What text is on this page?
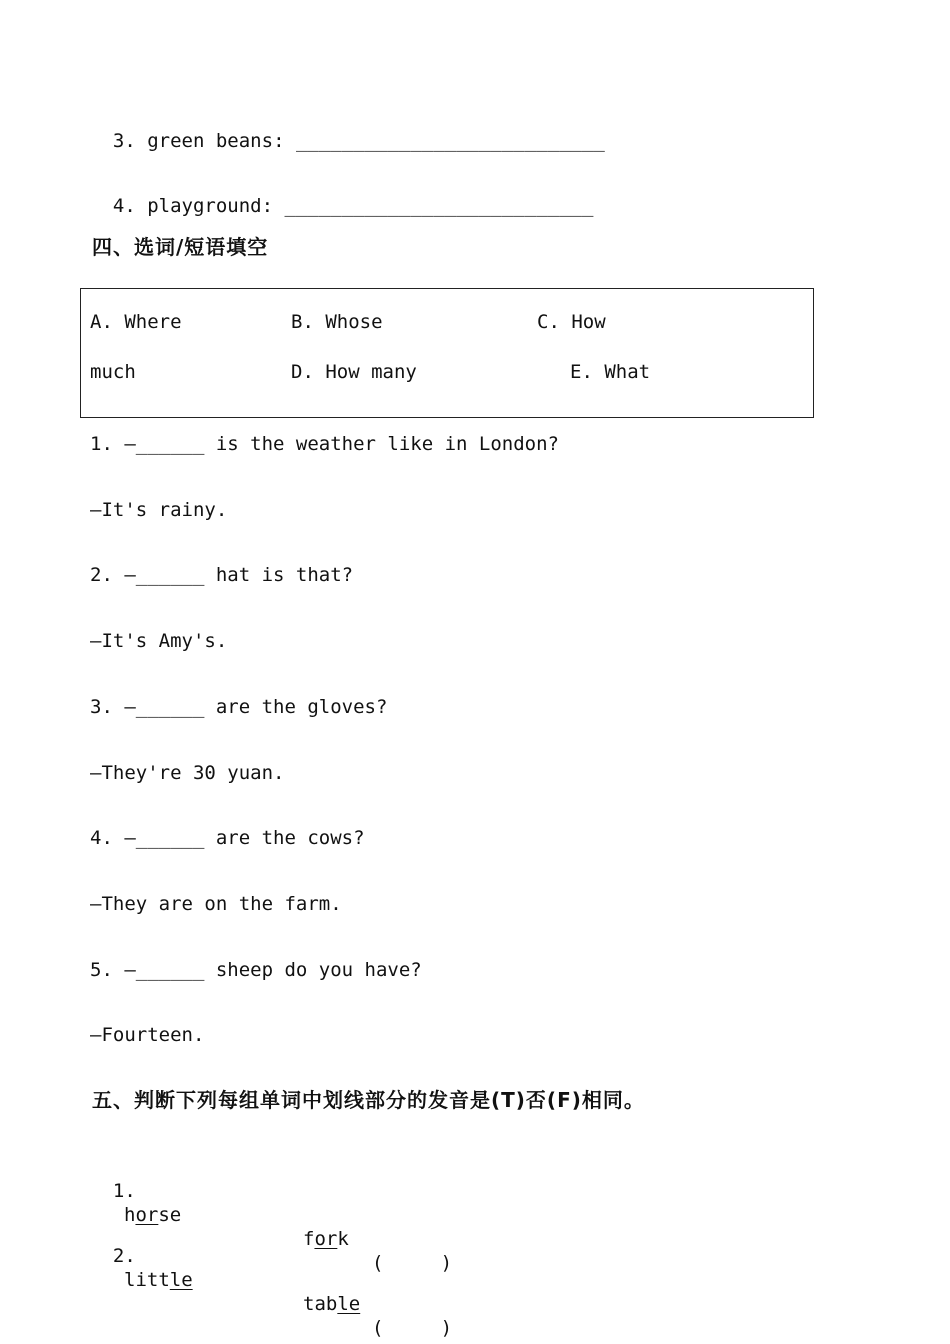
3. green beans: ___________________________

4. playground: ___________________________

四、选词/短语填空
A. Where	B. Whose	C. How
much	D. How many	E. What
1. —______ is the weather like in London?
—It's rainy.
2. —______ hat is that?
—It's Amy's.
3. —______ are the gloves?
—They're 30 yuan.
4. —______ are the cows?
—They are on the farm.
5. —______ sheep do you have?
—Fourteen.
五、判断下列每组单词中划线部分的发音是(T)否(F)相同。

1.

horse

fork

(     )

2.

little

table

(     )
